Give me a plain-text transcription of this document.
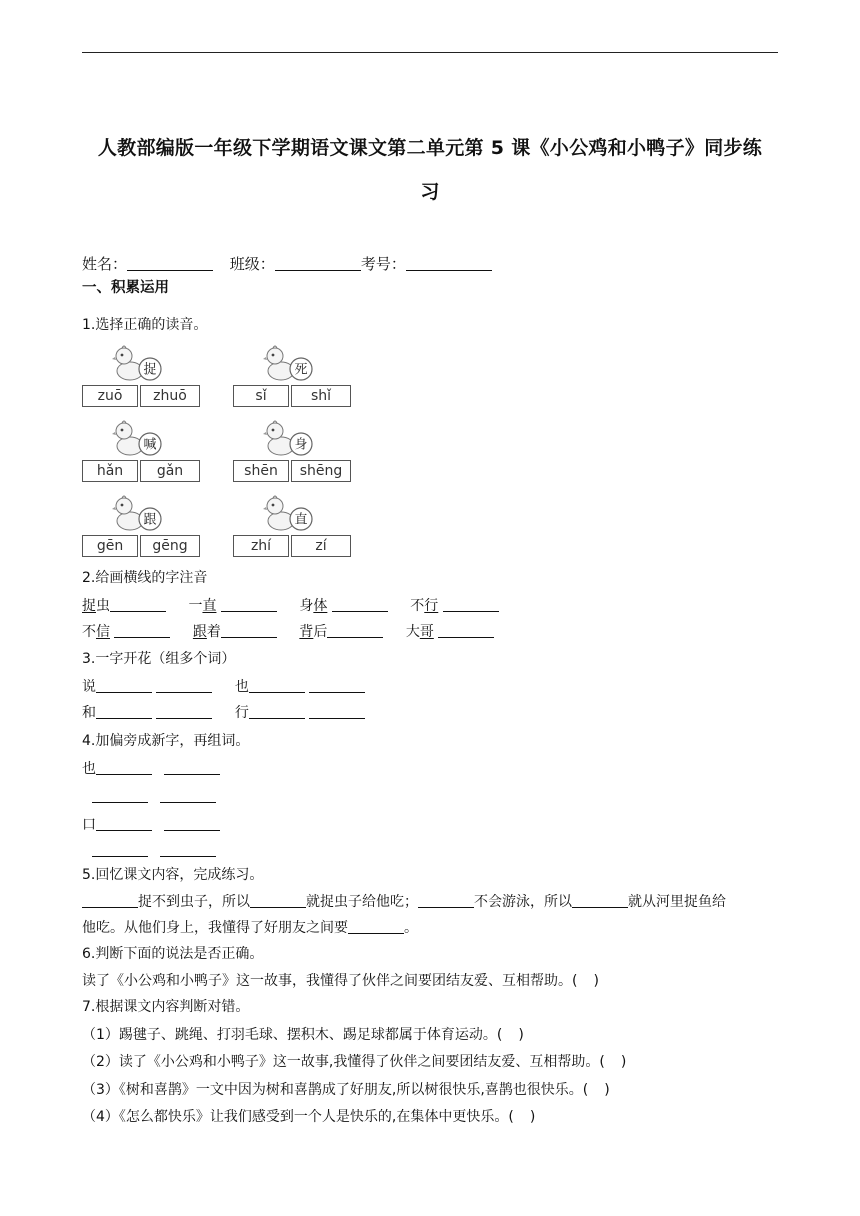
人教部编版一年级下学期语文课文第二单元第 5 课《小公鸡和小鸭子》同步练
习
姓名：	班级：	考号：
一、积累运用
1.选择正确的读音。
捉
zuō	zhuō
死
sǐ	shǐ
喊
hǎn	gǎn
身
shēn	shēng
跟
gēn	gēng
直
zhí	zí
2.给画横线的字注音
捉虫	一直	身体	不行
不信	跟着	背后	大哥
3.一字开花（组多个词）
说	也
和	行
4.加偏旁成新字，再组词。
也
口
5.回忆课文内容，完成练习。
捉不到虫子，所以	就捉虫子给他吃；	不会游泳，所以	就从河里捉鱼给
他吃。从他们身上，我懂得了好朋友之间要	。
6.判断下面的说法是否正确。
读了《小公鸡和小鸭子》这一故事，我懂得了伙伴之间要团结友爱、互相帮助。( )
7.根据课文内容判断对错。
（1）踢毽子、跳绳、打羽毛球、摆积木、踢足球都属于体育运动。( )
（2）读了《小公鸡和小鸭子》这一故事,我懂得了伙伴之间要团结友爱、互相帮助。( )
（3）《树和喜鹊》一文中因为树和喜鹊成了好朋友,所以树很快乐,喜鹊也很快乐。( )
（4）《怎么都快乐》让我们感受到一个人是快乐的,在集体中更快乐。( )
